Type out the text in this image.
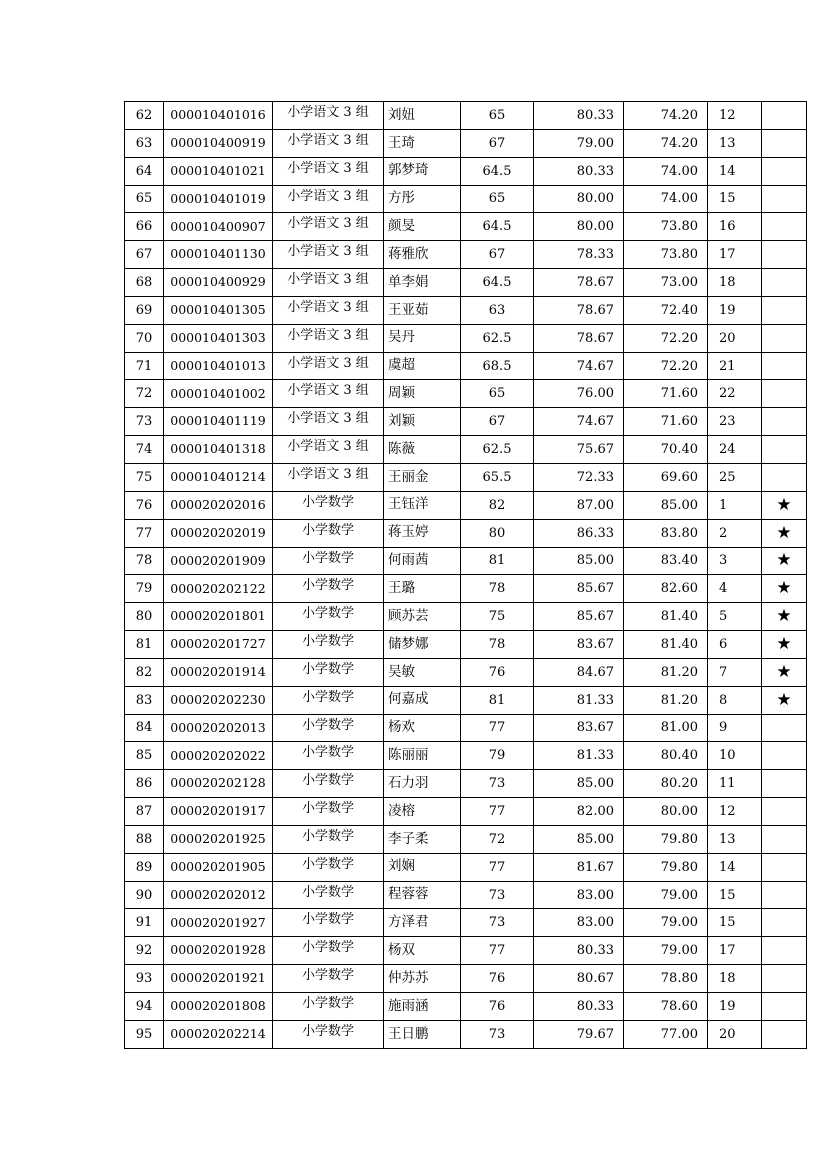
62	000010401016	小学语文 3 组	刘妞	65	80.33	74.20	12	
63	000010400919	小学语文 3 组	王琦	67	79.00	74.20	13	
64	000010401021	小学语文 3 组	郭梦琦	64.5	80.33	74.00	14	
65	000010401019	小学语文 3 组	方彤	65	80.00	74.00	15	
66	000010400907	小学语文 3 组	颜旻	64.5	80.00	73.80	16	
67	000010401130	小学语文 3 组	蒋雅欣	67	78.33	73.80	17	
68	000010400929	小学语文 3 组	单李娟	64.5	78.67	73.00	18	
69	000010401305	小学语文 3 组	王亚茹	63	78.67	72.40	19	
70	000010401303	小学语文 3 组	吴丹	62.5	78.67	72.20	20	
71	000010401013	小学语文 3 组	虞超	68.5	74.67	72.20	21	
72	000010401002	小学语文 3 组	周颖	65	76.00	71.60	22	
73	000010401119	小学语文 3 组	刘颖	67	74.67	71.60	23	
74	000010401318	小学语文 3 组	陈薇	62.5	75.67	70.40	24	
75	000010401214	小学语文 3 组	王丽金	65.5	72.33	69.60	25	
76	000020202016	小学数学	王钰洋	82	87.00	85.00	1	★
77	000020202019	小学数学	蒋玉婷	80	86.33	83.80	2	★
78	000020201909	小学数学	何雨茜	81	85.00	83.40	3	★
79	000020202122	小学数学	王璐	78	85.67	82.60	4	★
80	000020201801	小学数学	顾苏芸	75	85.67	81.40	5	★
81	000020201727	小学数学	储梦娜	78	83.67	81.40	6	★
82	000020201914	小学数学	吴敏	76	84.67	81.20	7	★
83	000020202230	小学数学	何嘉成	81	81.33	81.20	8	★
84	000020202013	小学数学	杨欢	77	83.67	81.00	9	
85	000020202022	小学数学	陈丽丽	79	81.33	80.40	10	
86	000020202128	小学数学	石力羽	73	85.00	80.20	11	
87	000020201917	小学数学	凌榕	77	82.00	80.00	12	
88	000020201925	小学数学	李子柔	72	85.00	79.80	13	
89	000020201905	小学数学	刘娴	77	81.67	79.80	14	
90	000020202012	小学数学	程蓉蓉	73	83.00	79.00	15	
91	000020201927	小学数学	方泽君	73	83.00	79.00	15	
92	000020201928	小学数学	杨双	77	80.33	79.00	17	
93	000020201921	小学数学	仲苏苏	76	80.67	78.80	18	
94	000020201808	小学数学	施雨涵	76	80.33	78.60	19	
95	000020202214	小学数学	王日鹏	73	79.67	77.00	20	
